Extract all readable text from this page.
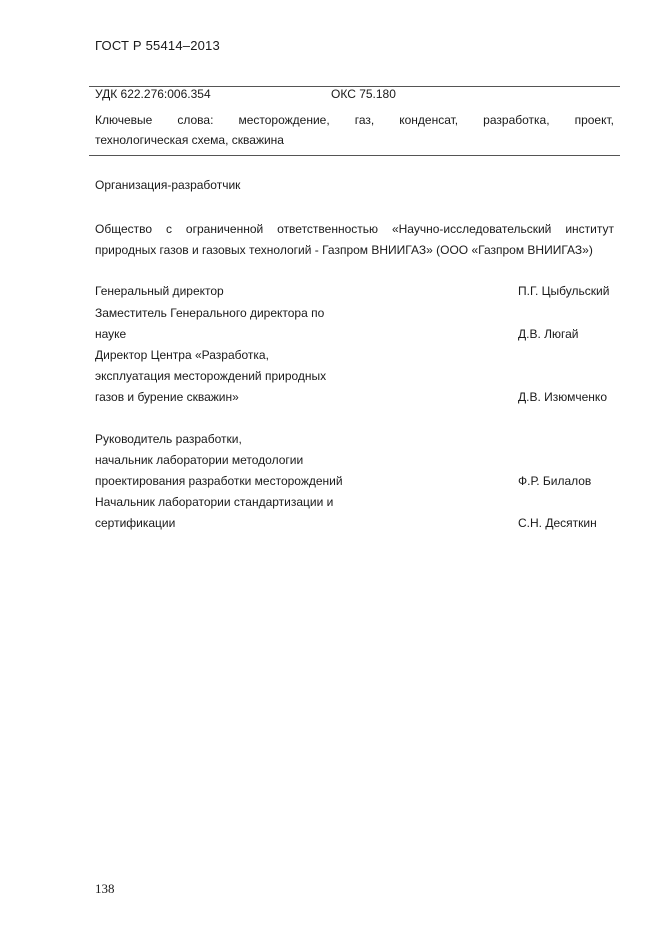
ГОСТ Р 55414–2013
УДК 622.276:006.354	ОКС 75.180
Ключевые слова: месторождение, газ, конденсат, разработка, проект,
технологическая схема, скважина
Организация-разработчик
Общество с ограниченной ответственностью «Научно-исследовательский институт
природных газов и газовых технологий - Газпром ВНИИГАЗ» (ООО «Газпром ВНИИГАЗ»)
Генеральный директор	П.Г. Цыбульский
Заместитель Генерального директора по
науке	Д.В. Люгай
Директор Центра «Разработка,
эксплуатация месторождений природных
газов и бурение скважин»	Д.В. Изюмченко
Руководитель разработки,
начальник лаборатории методологии
проектирования разработки месторождений	Ф.Р. Билалов
Начальник лаборатории стандартизации и
сертификации	С.Н. Десяткин
138
